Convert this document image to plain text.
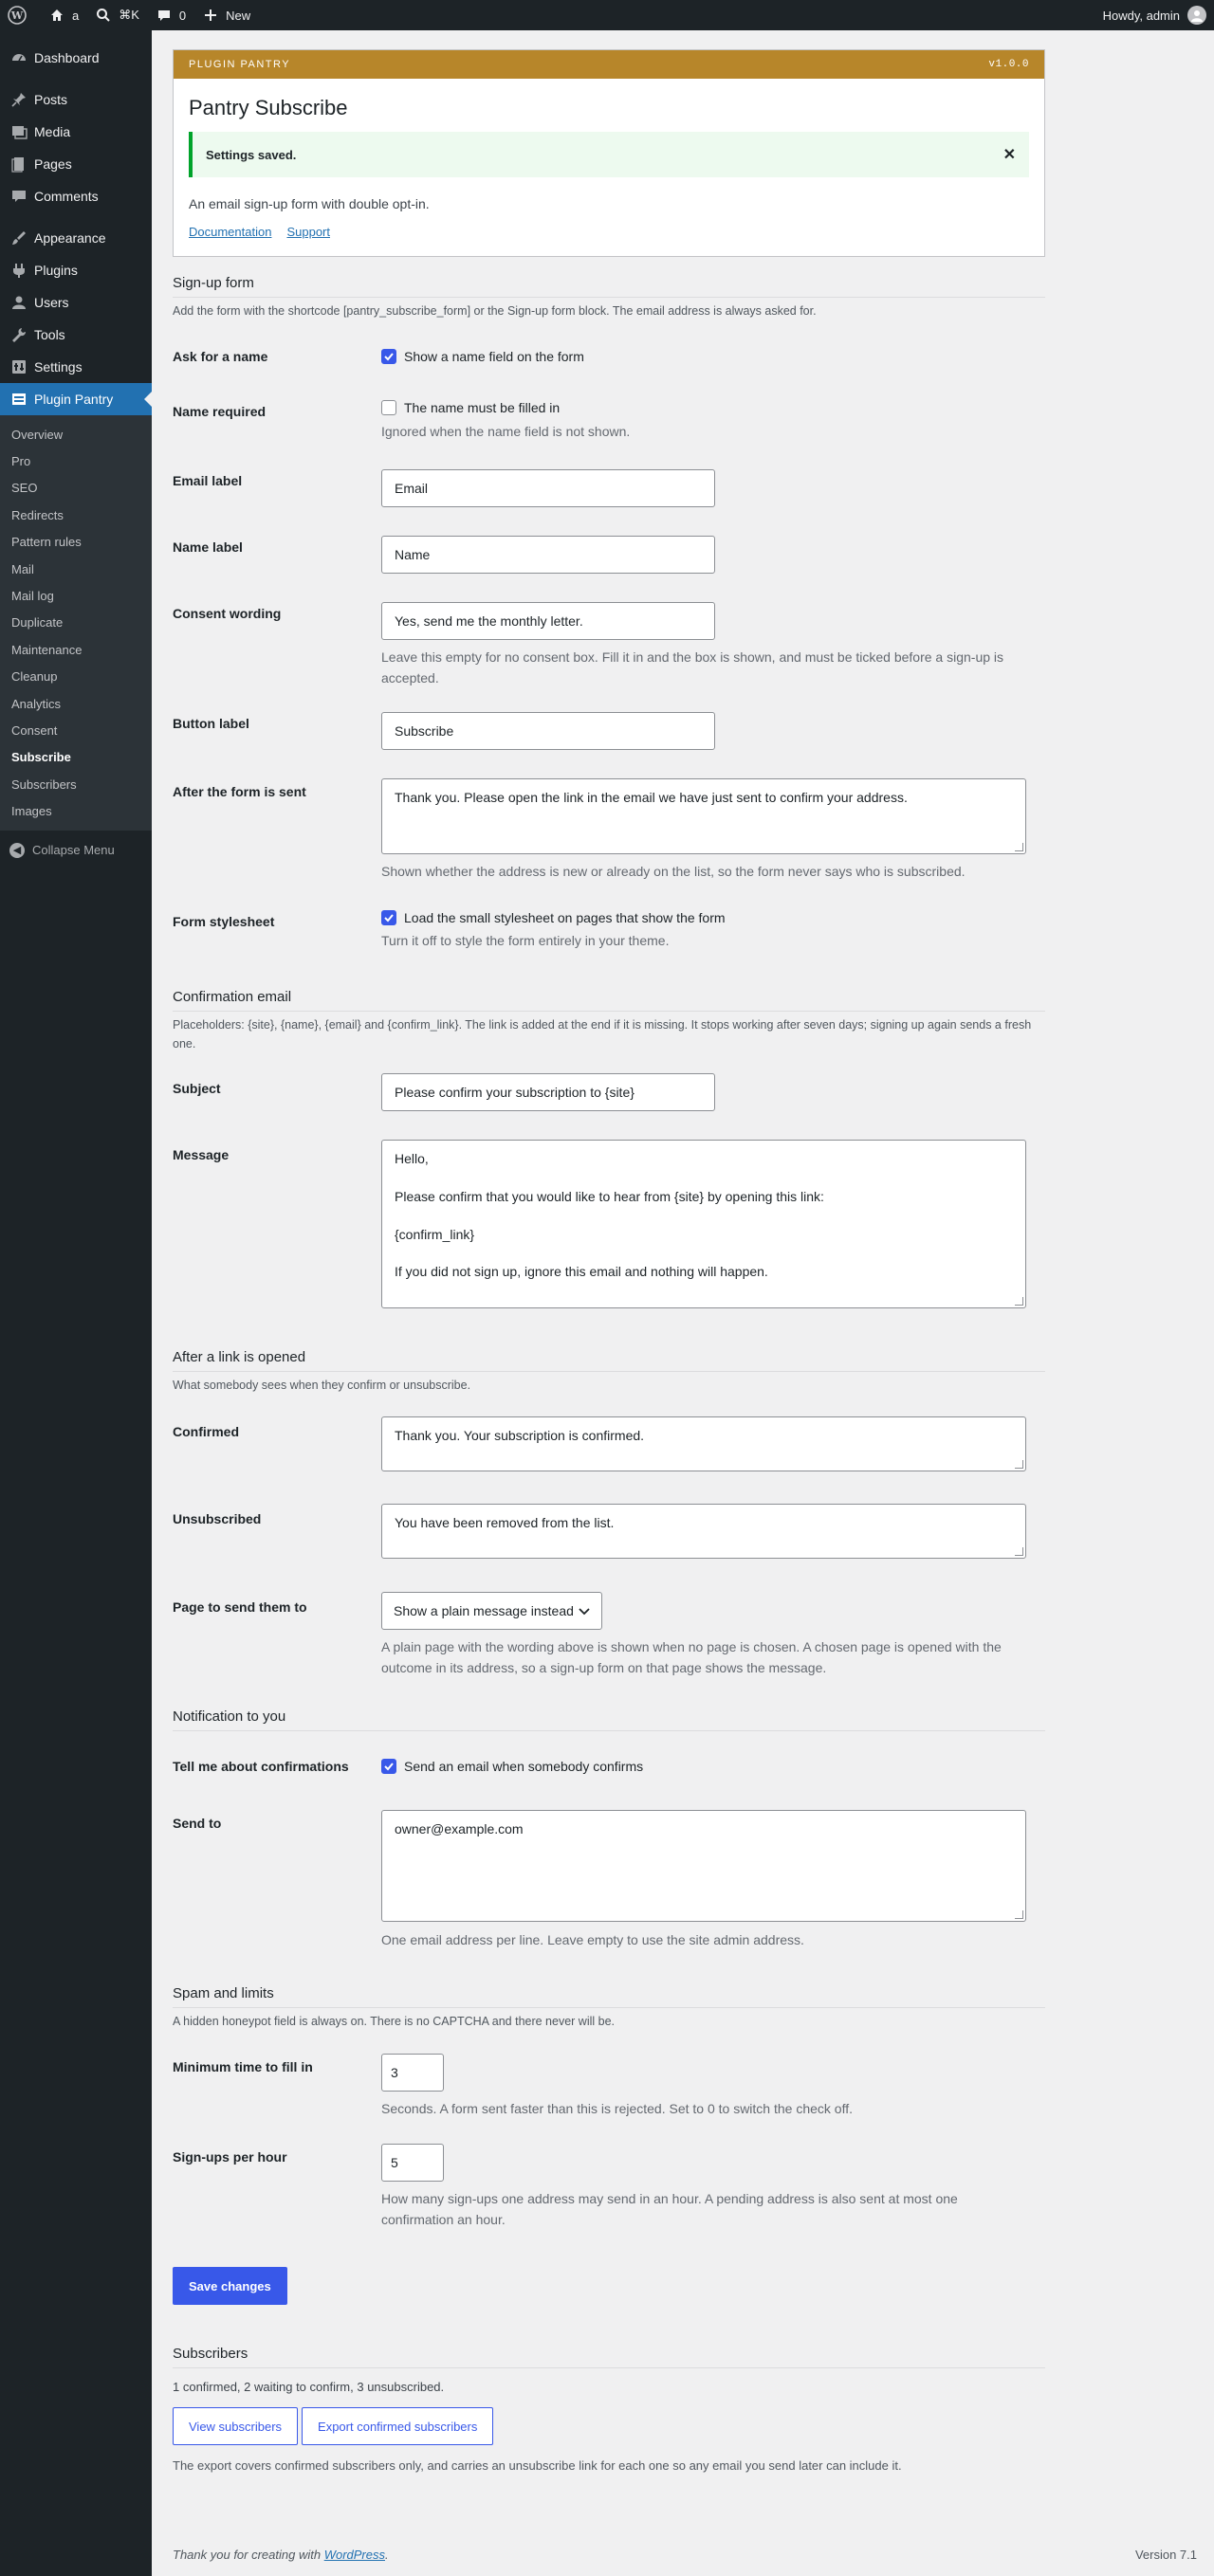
W	a	⌘K	0	New	Howdy, admin
Dashboard
Posts
Media
Pages
Comments
Appearance
Plugins
Users
Tools
Settings
Plugin Pantry
Overview
Pro
SEO
Redirects
Pattern rules
Mail
Mail log
Duplicate
Maintenance
Cleanup
Analytics
Consent
Subscribe
Subscribers
Images
◀ Collapse Menu
PLUGIN PANTRY	v1.0.0
Pantry Subscribe
Settings saved.	✕
An email sign-up form with double opt-in.
Documentation Support
Sign-up form
Add the form with the shortcode [pantry_subscribe_form] or the Sign-up form block. The email address is always asked for.
Ask for a name	Show a name field on the form
Name required	The name must be filled in
Ignored when the name field is not shown.
Email label	Email
Name label	Name
Consent wording	Yes, send me the monthly letter.
Leave this empty for no consent box. Fill it in and the box is shown, and must be ticked before a sign-up is accepted.
Button label	Subscribe
After the form is sent	Thank you. Please open the link in the email we have just sent to confirm your address.
Shown whether the address is new or already on the list, so the form never says who is subscribed.
Form stylesheet	Load the small stylesheet on pages that show the form
Turn it off to style the form entirely in your theme.
Confirmation email
Placeholders: {site}, {name}, {email} and {confirm_link}. The link is added at the end if it is missing. It stops working after seven days; signing up again sends a fresh one.
Subject	Please confirm your subscription to {site}
Message	Hello,

Please confirm that you would like to hear from {site} by opening this link:

{confirm_link}

If you did not sign up, ignore this email and nothing will happen.
After a link is opened
What somebody sees when they confirm or unsubscribe.
Confirmed	Thank you. Your subscription is confirmed.
Unsubscribed	You have been removed from the list.
Page to send them to	Show a plain message instead
A plain page with the wording above is shown when no page is chosen. A chosen page is opened with the outcome in its address, so a sign-up form on that page shows the message.
Notification to you
Tell me about confirmations	Send an email when somebody confirms
Send to	owner@example.com
One email address per line. Leave empty to use the site admin address.
Spam and limits
A hidden honeypot field is always on. There is no CAPTCHA and there never will be.
Minimum time to fill in	3
Seconds. A form sent faster than this is rejected. Set to 0 to switch the check off.
Sign-ups per hour	5
How many sign-ups one address may send in an hour. A pending address is also sent at most one confirmation an hour.
Save changes
Subscribers
1 confirmed, 2 waiting to confirm, 3 unsubscribed.
View subscribers	Export confirmed subscribers
The export covers confirmed subscribers only, and carries an unsubscribe link for each one so any email you send later can include it.
Thank you for creating with WordPress.	Version 7.1
